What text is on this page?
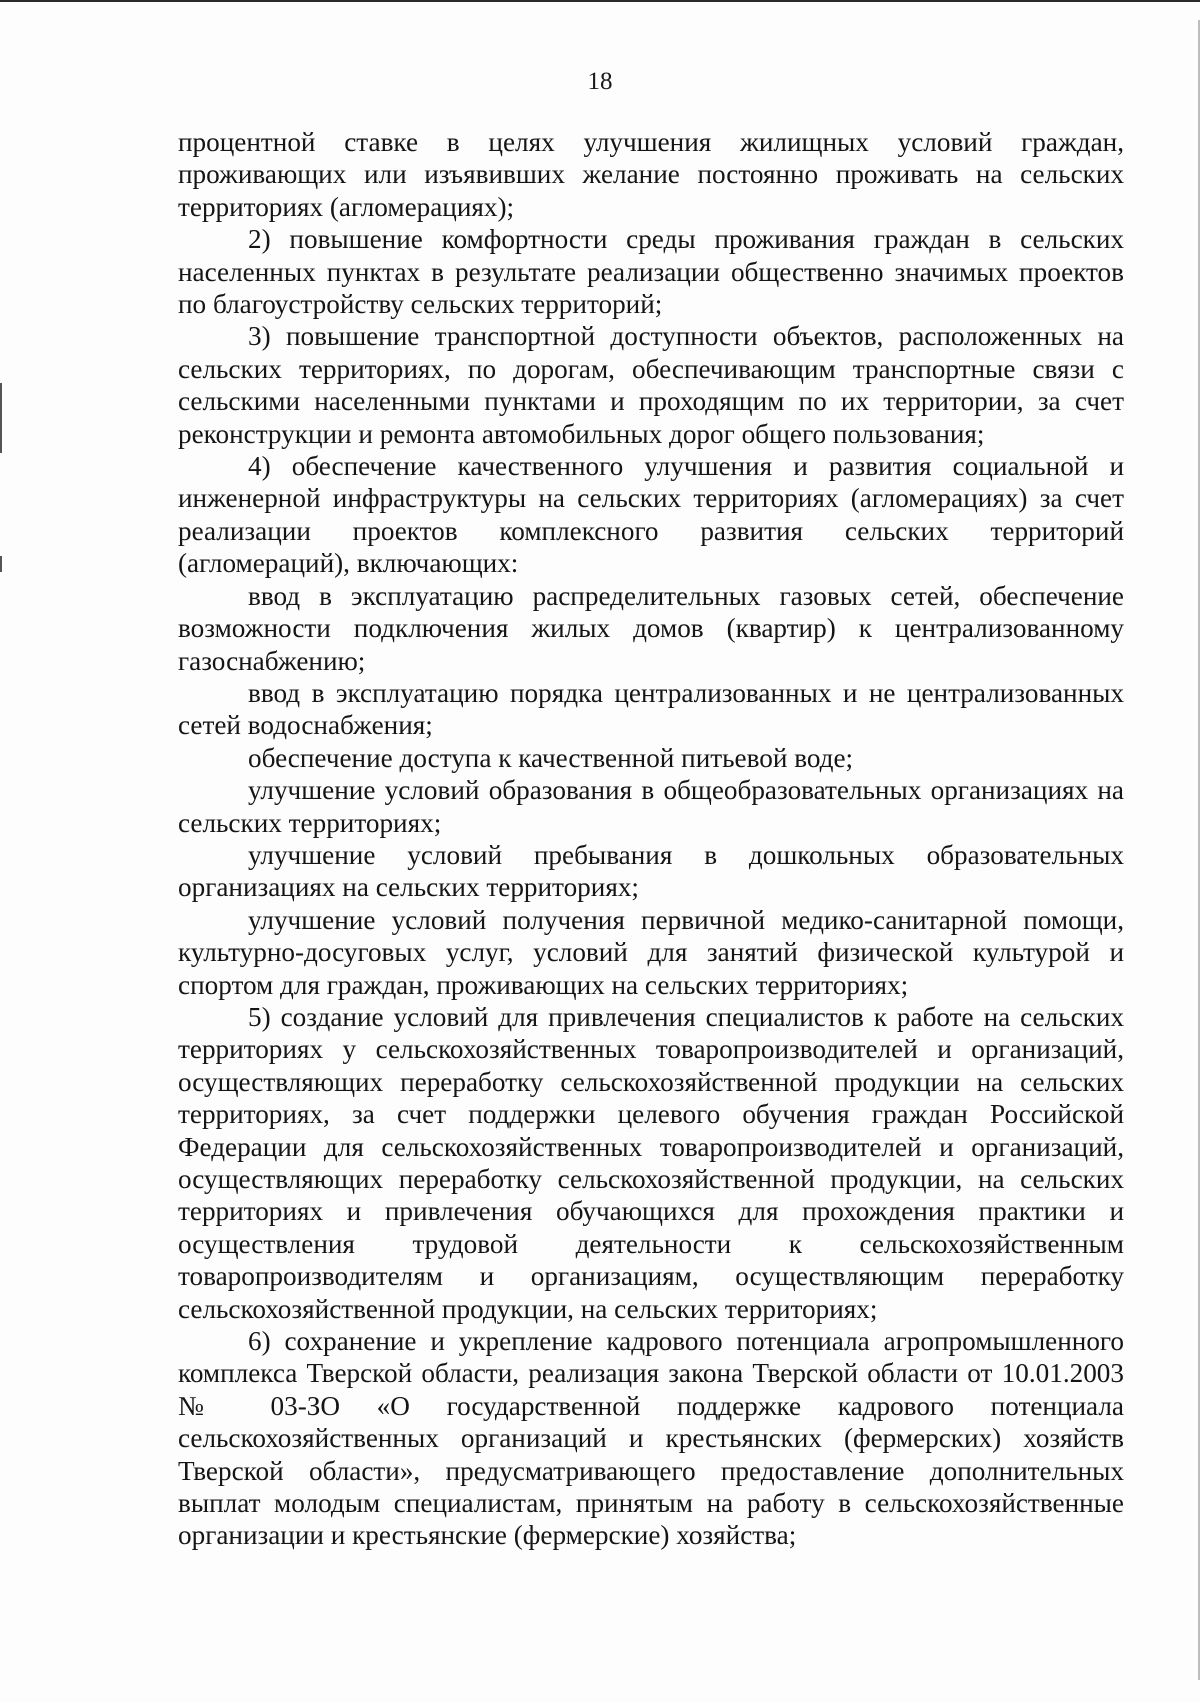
18

процентной ставке в целях улучшения жилищных условий граждан, проживающих или изъявивших желание постоянно проживать на сельских территориях (агломерациях);

2) повышение комфортности среды проживания граждан в сельских населенных пунктах в результате реализации общественно значимых проектов по благоустройству сельских территорий;

3) повышение транспортной доступности объектов, расположенных на сельских территориях, по дорогам, обеспечивающим транспортные связи с сельскими населенными пунктами и проходящим по их территории, за счет реконструкции и ремонта автомобильных дорог общего пользования;

4) обеспечение качественного улучшения и развития социальной и инженерной инфраструктуры на сельских территориях (агломерациях) за счет реализации проектов комплексного развития сельских территорий (агломераций), включающих:

ввод в эксплуатацию распределительных газовых сетей, обеспечение возможности подключения жилых домов (квартир) к централизованному газоснабжению;

ввод в эксплуатацию порядка централизованных и не централизованных сетей водоснабжения;

обеспечение доступа к качественной питьевой воде;

улучшение условий образования в общеобразовательных организациях на сельских территориях;

улучшение условий пребывания в дошкольных образовательных организациях на сельских территориях;

улучшение условий получения первичной медико-санитарной помощи, культурно-досуговых услуг, условий для занятий физической культурой и спортом для граждан, проживающих на сельских территориях;

5) создание условий для привлечения специалистов к работе на сельских территориях у сельскохозяйственных товаропроизводителей и организаций, осуществляющих переработку сельскохозяйственной продукции на сельских территориях, за счет поддержки целевого обучения граждан Российской Федерации для сельскохозяйственных товаропроизводителей и организаций, осуществляющих переработку сельскохозяйственной продукции, на сельских территориях и привлечения обучающихся для прохождения практики и осуществления трудовой деятельности к сельскохозяйственным товаропроизводителям и организациям, осуществляющим переработку сельскохозяйственной продукции, на сельских территориях;

6) сохранение и укрепление кадрового потенциала агропромышленного комплекса Тверской области, реализация закона Тверской области от 10.01.2003 № 03-ЗО «О государственной поддержке кадрового потенциала сельскохозяйственных организаций и крестьянских (фермерских) хозяйств Тверской области», предусматривающего предоставление дополнительных выплат молодым специалистам, принятым на работу в сельскохозяйственные организации и крестьянские (фермерские) хозяйства;
